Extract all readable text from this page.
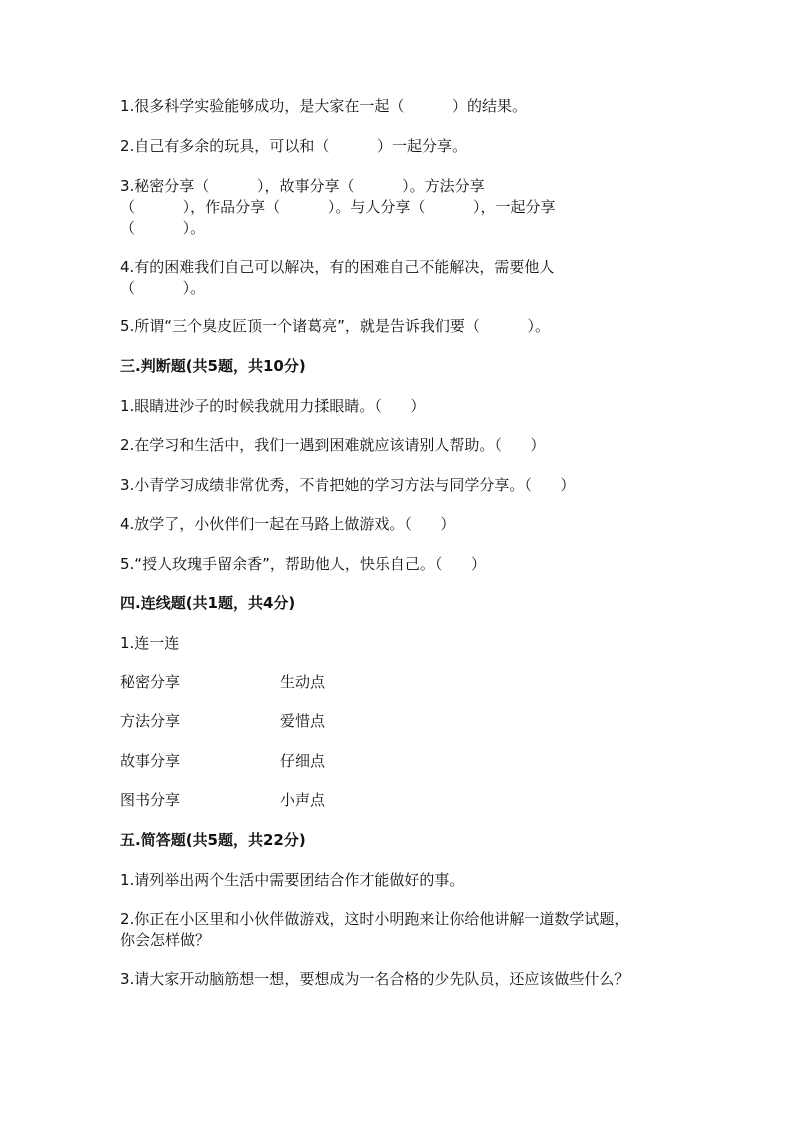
1.很多科学实验能够成功，是大家在一起（          ）的结果。
2.自己有多余的玩具，可以和（          ）一起分享。
3.秘密分享（          ），故事分享（          ）。方法分享
（          ），作品分享（          ）。与人分享（          ），一起分享
（          ）。
4.有的困难我们自己可以解决，有的困难自己不能解决，需要他人
（          ）。
5.所谓“三个臭皮匠顶一个诸葛亮”，就是告诉我们要（          ）。
三.判断题(共5题，共10分)
1.眼睛进沙子的时候我就用力揉眼睛。（      ）
2.在学习和生活中，我们一遇到困难就应该请别人帮助。（      ）
3.小青学习成绩非常优秀，不肯把她的学习方法与同学分享。（      ）
4.放学了，小伙伴们一起在马路上做游戏。（      ）
5.“授人玫瑰手留余香”，帮助他人，快乐自己。（      ）
四.连线题(共1题，共4分)
1.连一连
秘密分享	生动点
方法分享	爱惜点
故事分享	仔细点
图书分享	小声点
五.简答题(共5题，共22分)
1.请列举出两个生活中需要团结合作才能做好的事。
2.你正在小区里和小伙伴做游戏，这时小明跑来让你给他讲解一道数学试题，
你会怎样做？
3.请大家开动脑筋想一想，要想成为一名合格的少先队员，还应该做些什么？
